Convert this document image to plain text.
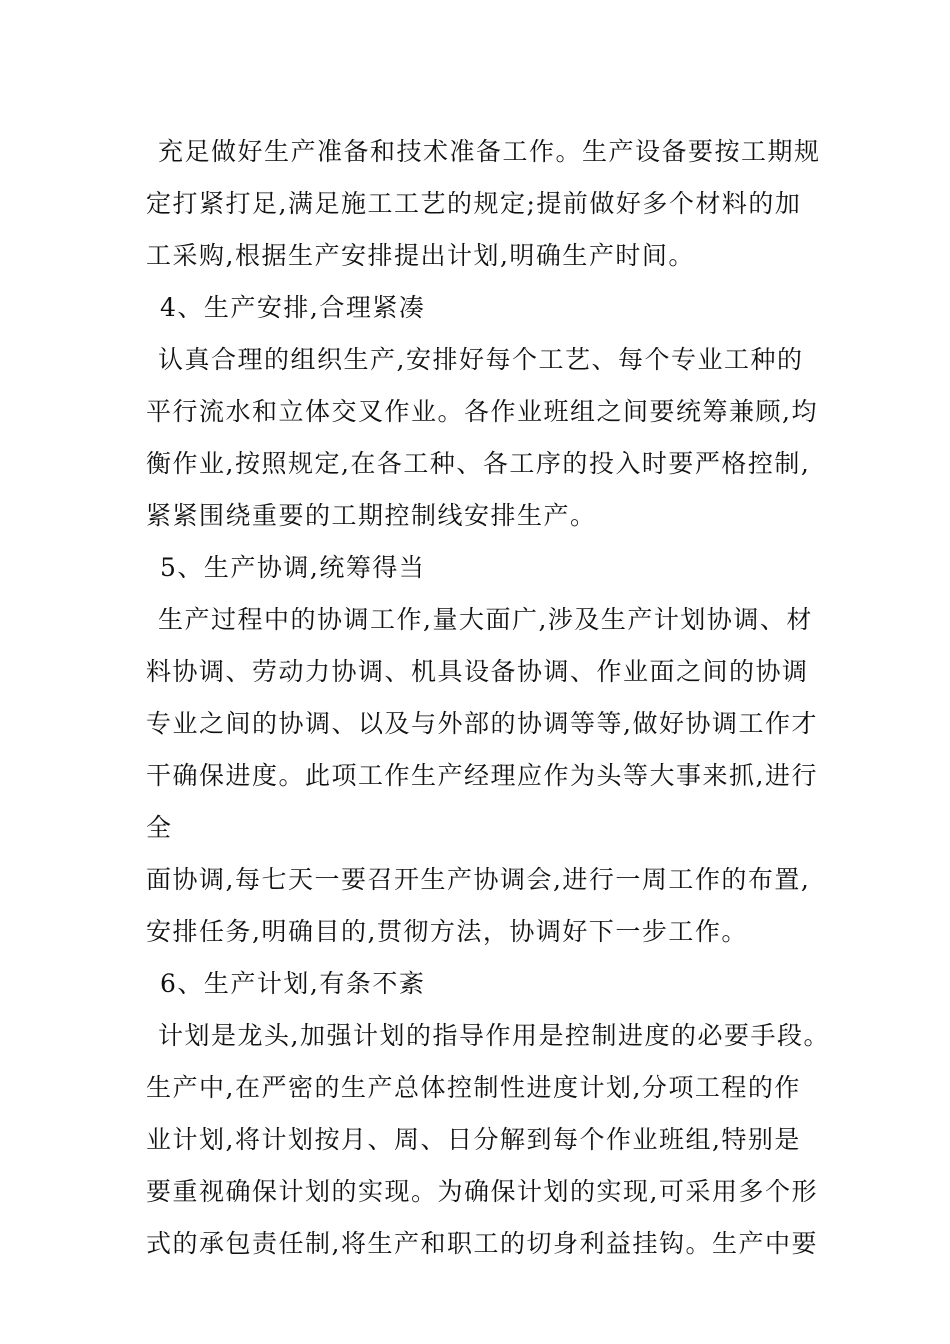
充足做好生产准备和技术准备工作。生产设备要按工期规
定打紧打足,满足施工工艺的规定;提前做好多个材料的加
工采购,根据生产安排提出计划,明确生产时间。
4、生产安排,合理紧凑
认真合理的组织生产,安排好每个工艺、每个专业工种的
平行流水和立体交叉作业。各作业班组之间要统筹兼顾,均
衡作业,按照规定,在各工种、各工序的投入时要严格控制,
紧紧围绕重要的工期控制线安排生产。
5、生产协调,统筹得当
生产过程中的协调工作,量大面广,涉及生产计划协调、材
料协调、劳动力协调、机具设备协调、作业面之间的协调
专业之间的协调、以及与外部的协调等等,做好协调工作才
干确保进度。此项工作生产经理应作为头等大事来抓,进行
全
面协调,每七天一要召开生产协调会,进行一周工作的布置,
安排任务,明确目的,贯彻方法，协调好下一步工作。
6、生产计划,有条不紊
计划是龙头,加强计划的指导作用是控制进度的必要手段。
生产中,在严密的生产总体控制性进度计划,分项工程的作
业计划,将计划按月、周、日分解到每个作业班组,特别是
要重视确保计划的实现。为确保计划的实现,可采用多个形
式的承包责任制,将生产和职工的切身利益挂钩。生产中要
